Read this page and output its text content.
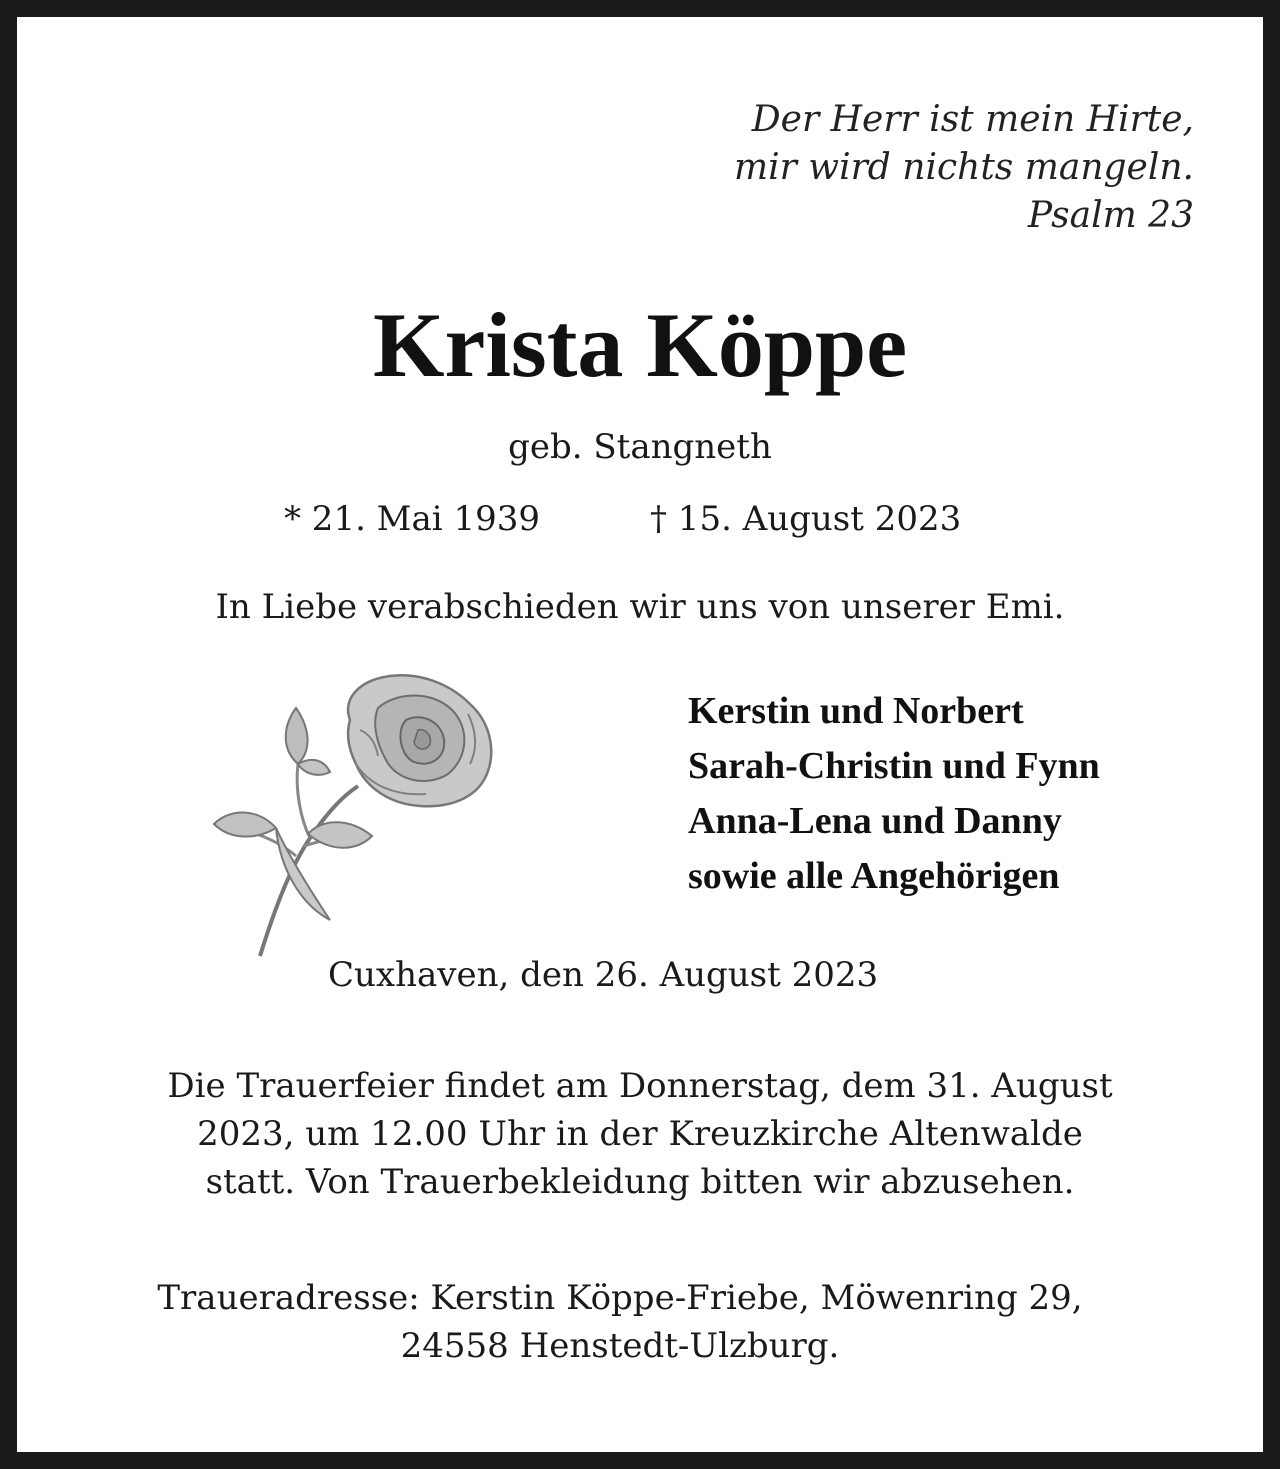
Der Herr ist mein Hirte,
mir wird nichts mangeln.
Psalm 23
Krista Köppe
geb. Stangneth
* 21. Mai 1939	† 15. August 2023
In Liebe verabschieden wir uns von unserer Emi.
Kerstin und Norbert
Sarah-Christin und Fynn
Anna-Lena und Danny
sowie alle Angehörigen
Cuxhaven, den 26. August 2023
Die Trauerfeier findet am Donnerstag, dem 31. August
2023, um 12.00 Uhr in der Kreuzkirche Altenwalde
statt. Von Trauerbekleidung bitten wir abzusehen.
Traueradresse: Kerstin Köppe-Friebe, Möwenring 29,
24558 Henstedt-Ulzburg.
